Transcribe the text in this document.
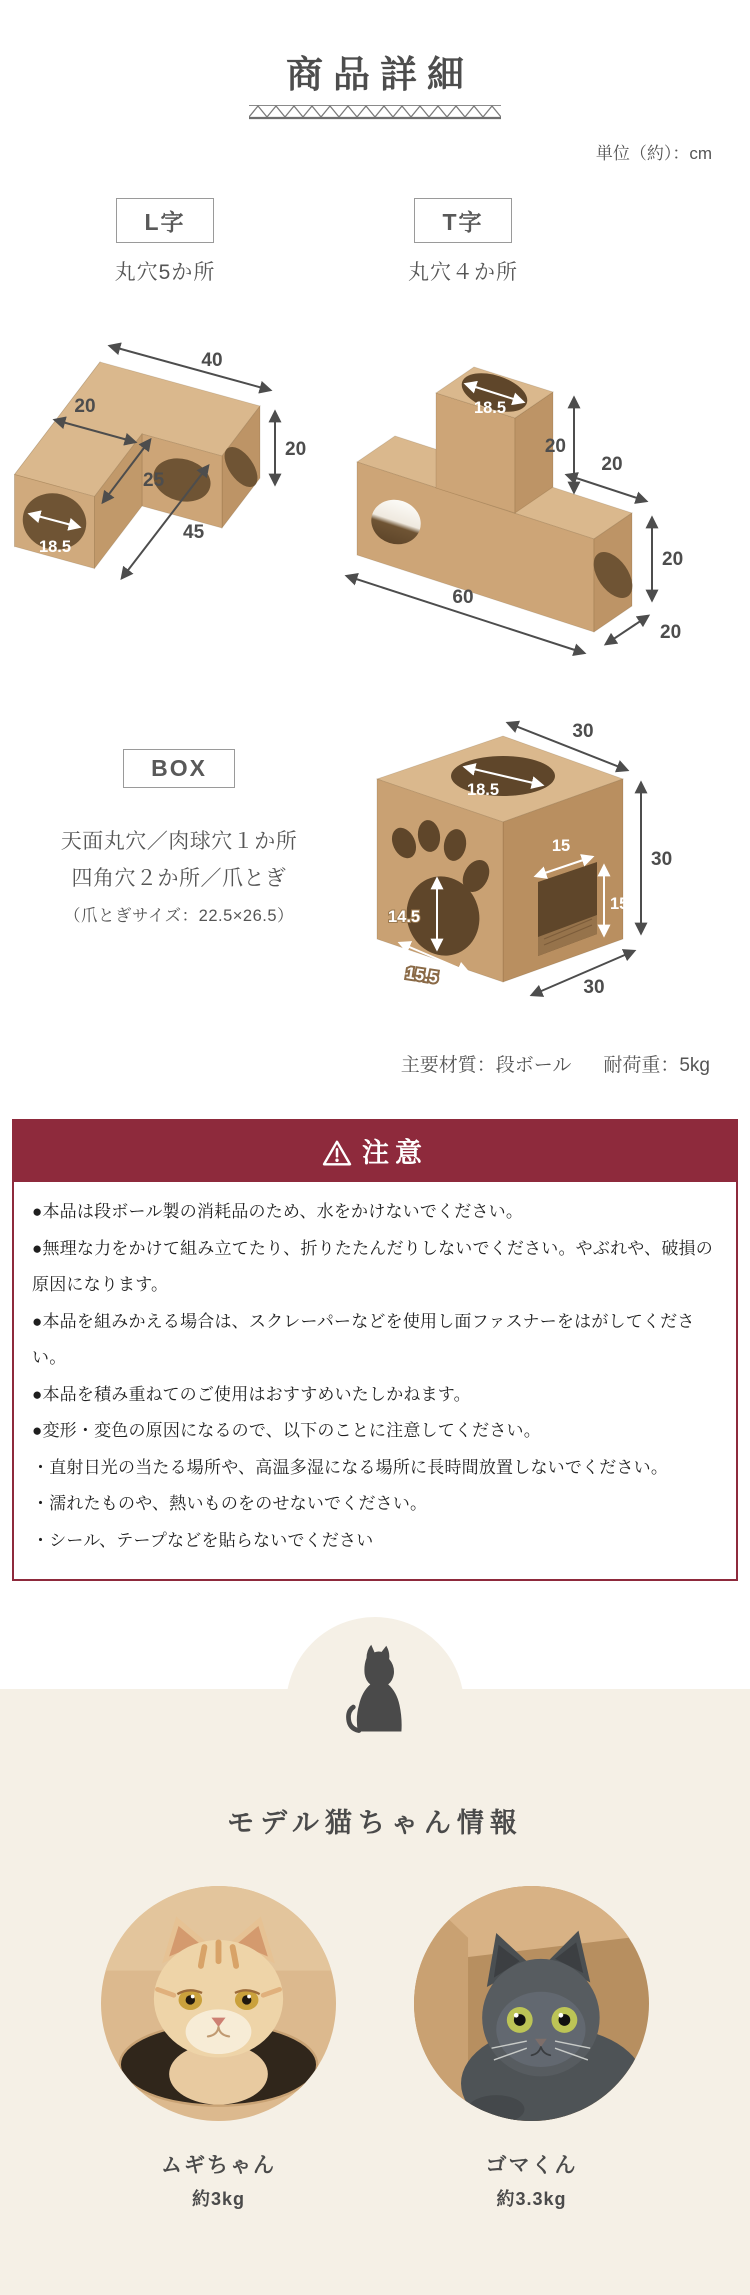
商品詳細
単位（約）：cm
L字
丸穴5か所
40
20
25
20
45
18.5
T字
丸穴４か所
18.5
20
20
20
60
20
BOX
天面丸穴／肉球穴１か所
四角穴２か所／爪とぎ
（爪とぎサイズ：22.5×26.5）
18.5
30
30
15
15
14.5
15.5
30
主要材質：段ボール 耐荷重：5kg
注意

●本品は段ボール製の消耗品のため、水をかけないでください。

●無理な力をかけて組み立てたり、折りたたんだりしないでください。やぶれや、破損の原因になります。

●本品を組みかえる場合は、スクレーパーなどを使用し面ファスナーをはがしてください。

●本品を積み重ねてのご使用はおすすめいたしかねます。

●変形・変色の原因になるので、以下のことに注意してください。

・直射日光の当たる場所や、高温多湿になる場所に長時間放置しないでください。

・濡れたものや、熱いものをのせないでください。

・シール、テープなどを貼らないでください

モデル猫ちゃん情報
ムギちゃん
約3kg
ゴマくん
約3.3kg
